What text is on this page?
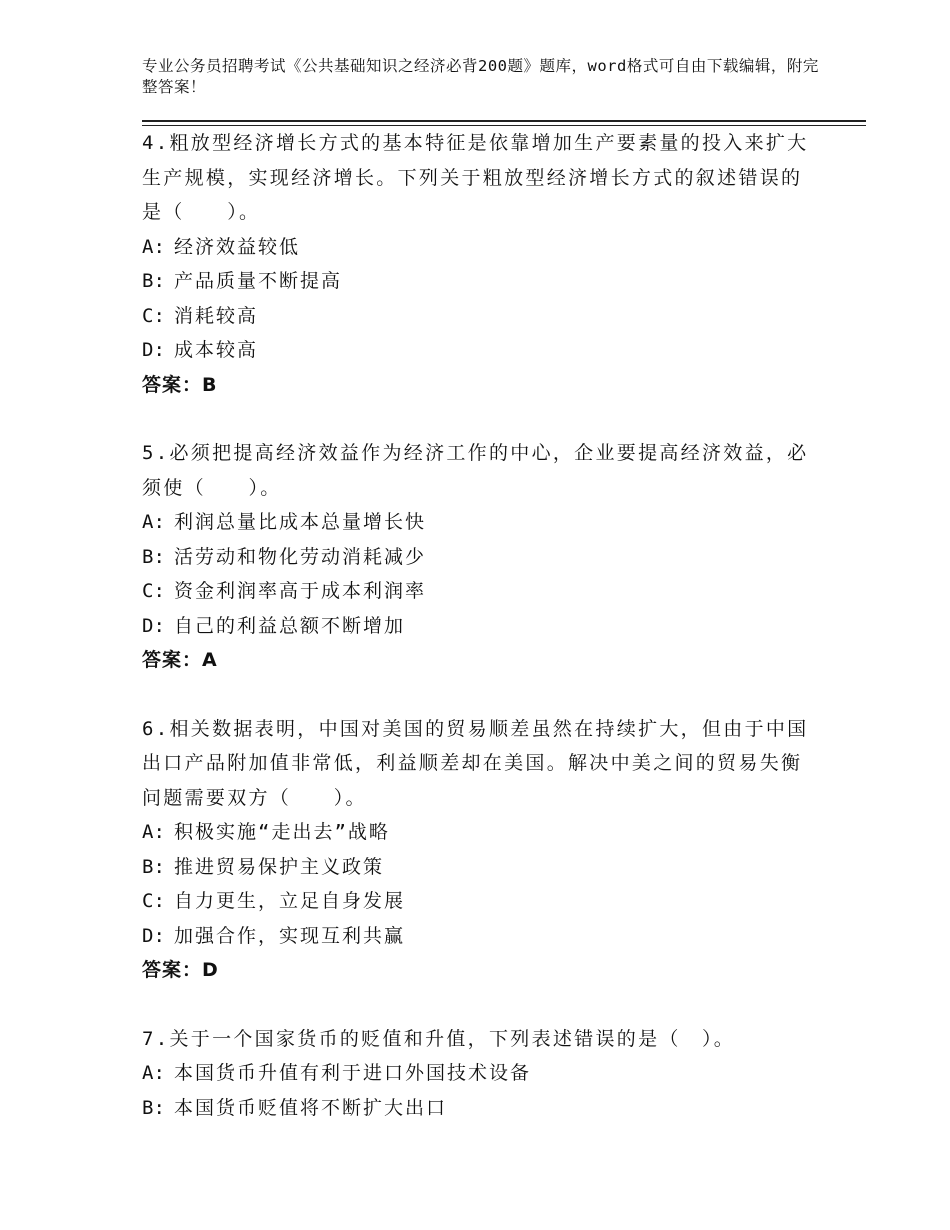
专业公务员招聘考试《公共基础知识之经济必背200题》题库，word格式可自由下载编辑，附完整答案！
4.粗放型经济增长方式的基本特征是依靠增加生产要素量的投入来扩大生产规模，实现经济增长。下列关于粗放型经济增长方式的叙述错误的是（　　）。
A: 经济效益较低
B: 产品质量不断提高
C: 消耗较高
D: 成本较高
答案：B
5.必须把提高经济效益作为经济工作的中心，企业要提高经济效益，必须使（　　）。
A: 利润总量比成本总量增长快
B: 活劳动和物化劳动消耗减少
C: 资金利润率高于成本利润率
D: 自己的利益总额不断增加
答案：A
6.相关数据表明，中国对美国的贸易顺差虽然在持续扩大，但由于中国出口产品附加值非常低，利益顺差却在美国。解决中美之间的贸易失衡问题需要双方（　　）。
A: 积极实施“走出去”战略
B: 推进贸易保护主义政策
C: 自力更生，立足自身发展
D: 加强合作，实现互利共赢
答案：D
7.关于一个国家货币的贬值和升值，下列表述错误的是（　）。
A: 本国货币升值有利于进口外国技术设备
B: 本国货币贬值将不断扩大出口
